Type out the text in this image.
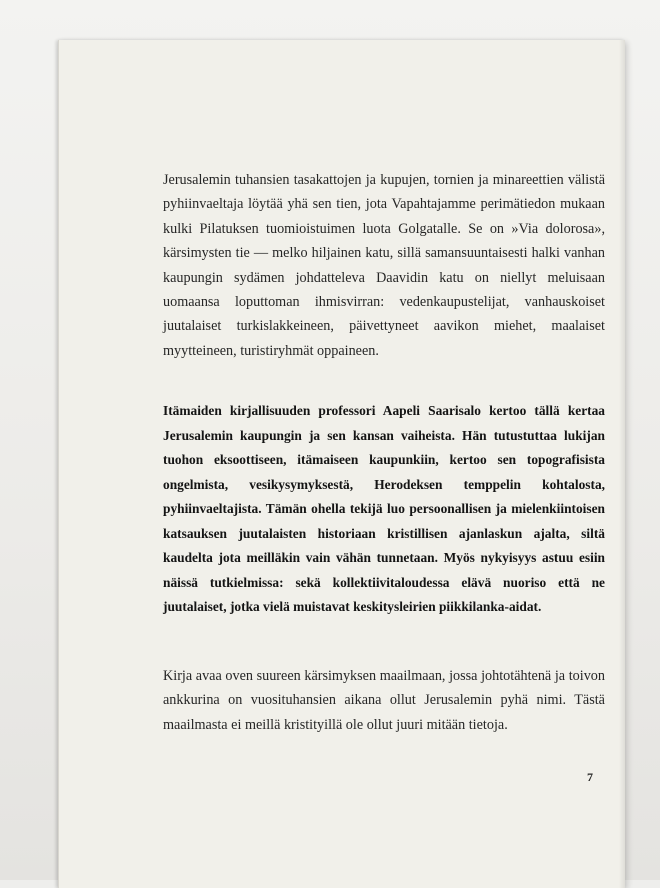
Jerusalemin tuhansien tasakattojen ja kupujen, tornien ja minareettien välistä pyhiinvaeltaja löytää yhä sen tien, jota Vapahtajamme perimätiedon mukaan kulki Pilatuksen tuomioistuimen luota Golgatalle. Se on »Via dolorosa», kärsimysten tie — melko hiljainen katu, sillä samansuuntaisesti halki vanhan kaupungin sydämen johdatteleva Daavidin katu on niellyt meluisaan uomaansa loputtoman ihmisvirran: vedenkaupustelijat, vanhauskoiset juutalaiset turkislakkeineen, päivettyneet aavikon miehet, maalaiset myytteineen, turistiryhmät oppaineen.

Itämaiden kirjallisuuden professori Aapeli Saarisalo kertoo tällä kertaa Jerusalemin kaupungin ja sen kansan vaiheista. Hän tutustuttaa lukijan tuohon eksoottiseen, itämaiseen kaupunkiin, kertoo sen topografisista ongelmista, vesikysymyksestä, Herodeksen temppelin kohtalosta, pyhiinvaeltajista. Tämän ohella tekijä luo persoonallisen ja mielenkiintoisen katsauksen juutalaisten historiaan kristillisen ajanlaskun ajalta, siltä kaudelta jota meilläkin vain vähän tunnetaan. Myös nykyisyys astuu esiin näissä tutkielmissa: sekä kollektiivitaloudessa elävä nuoriso että ne juutalaiset, jotka vielä muistavat keskitysleirien piikkilanka-aidat.

Kirja avaa oven suureen kärsimyksen maailmaan, jossa johtotähtenä ja toivon ankkurina on vuosituhansien aikana ollut Jerusalemin pyhä nimi. Tästä maailmasta ei meillä kristityillä ole ollut juuri mitään tietoja.

7
